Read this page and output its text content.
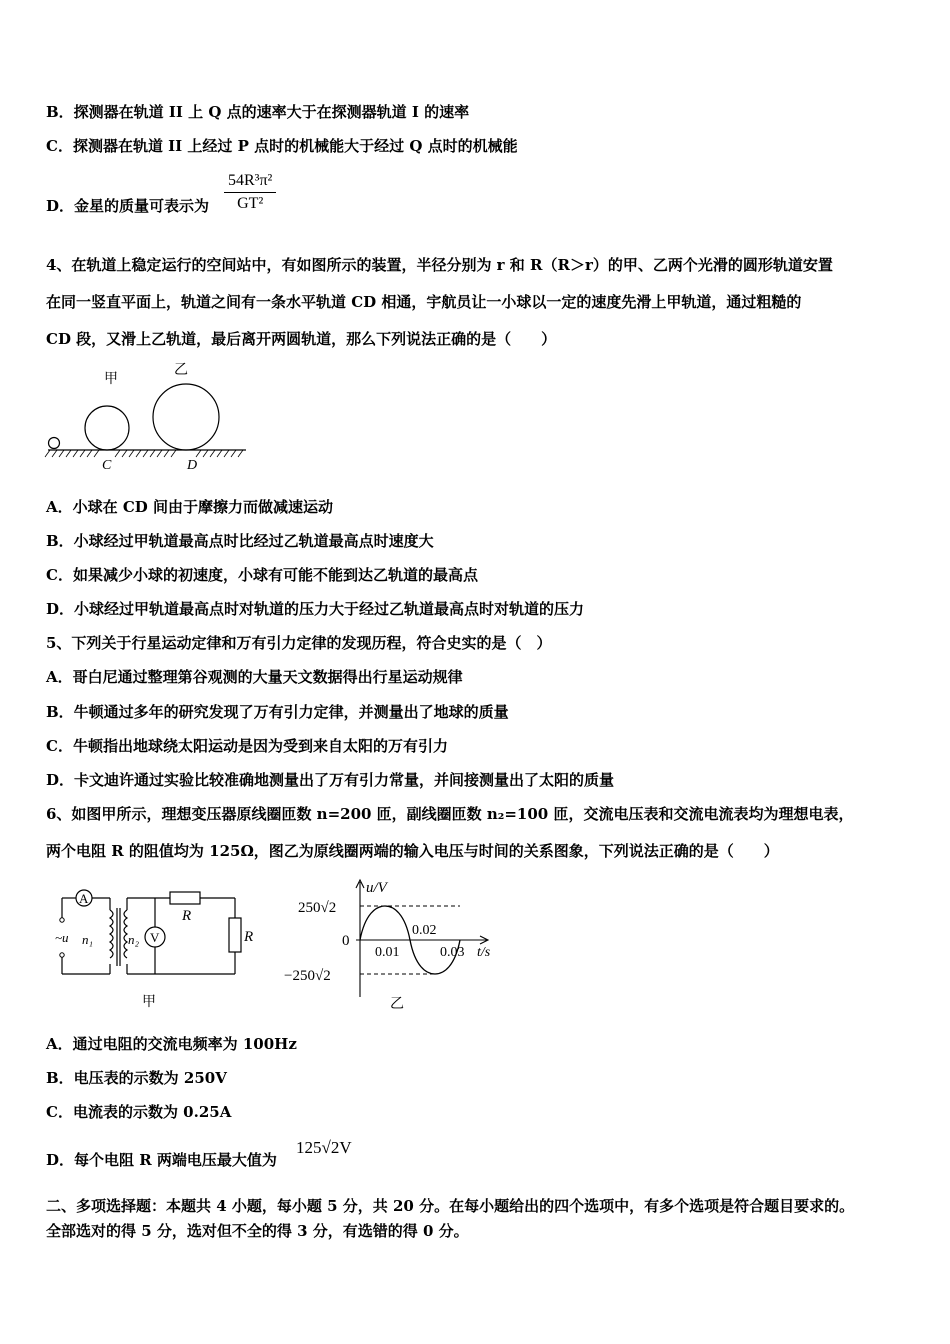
B．探测器在轨道 II 上 Q 点的速率大于在探测器轨道 I 的速率
C．探测器在轨道 II 上经过 P 点时的机械能大于经过 Q 点时的机械能
D．金星的质量可表示为 $\frac{\text{54R³π²}}{\text{GT²}}$
4、在轨道上稳定运行的空间站中，有如图所示的装置，半径分别为 r 和 R（R＞r）的甲、乙两个光滑的圆形轨道安置
在同一竖直平面上，轨道之间有一条水平轨道 CD 相通，宇航员让一小球以一定的速度先滑上甲轨道，通过粗糙的
CD 段，又滑上乙轨道，最后离开两圆轨道，那么下列说法正确的是（　　）
甲
乙
C	D
A．小球在 CD 间由于摩擦力而做减速运动
B．小球经过甲轨道最高点时比经过乙轨道最高点时速度大
C．如果减少小球的初速度，小球有可能不能到达乙轨道的最高点
D．小球经过甲轨道最高点时对轨道的压力大于经过乙轨道最高点时对轨道的压力
5、下列关于行星运动定律和万有引力定律的发现历程，符合史实的是（　）
A．哥白尼通过整理第谷观测的大量天文数据得出行星运动规律
B．牛顿通过多年的研究发现了万有引力定律，并测量出了地球的质量
C．牛顿指出地球绕太阳运动是因为受到来自太阳的万有引力
D．卡文迪许通过实验比较准确地测量出了万有引力常量，并间接测量出了太阳的质量
6、如图甲所示，理想变压器原线圈匝数 n=200 匝，副线圈匝数 n₂=100 匝，交流电压表和交流电流表均为理想电表，
两个电阻 R 的阻值均为 125Ω，图乙为原线圈两端的输入电压与时间的关系图象，下列说法正确的是（　　）
A
V
R
R
~u n₁	n₂
甲
u/V
250√2
0
−250√2
0.01
0.02
0.03 t/s
乙
A．通过电阻的交流电频率为 100Hz
B．电压表的示数为 250V
C．电流表的示数为 0.25A
D．每个电阻 R 两端电压最大值为
125√2V
二、多项选择题：本题共 4 小题，每小题 5 分，共 20 分。在每小题给出的四个选项中，有多个选项是符合题目要求的。
全部选对的得 5 分，选对但不全的得 3 分，有选错的得 0 分。
